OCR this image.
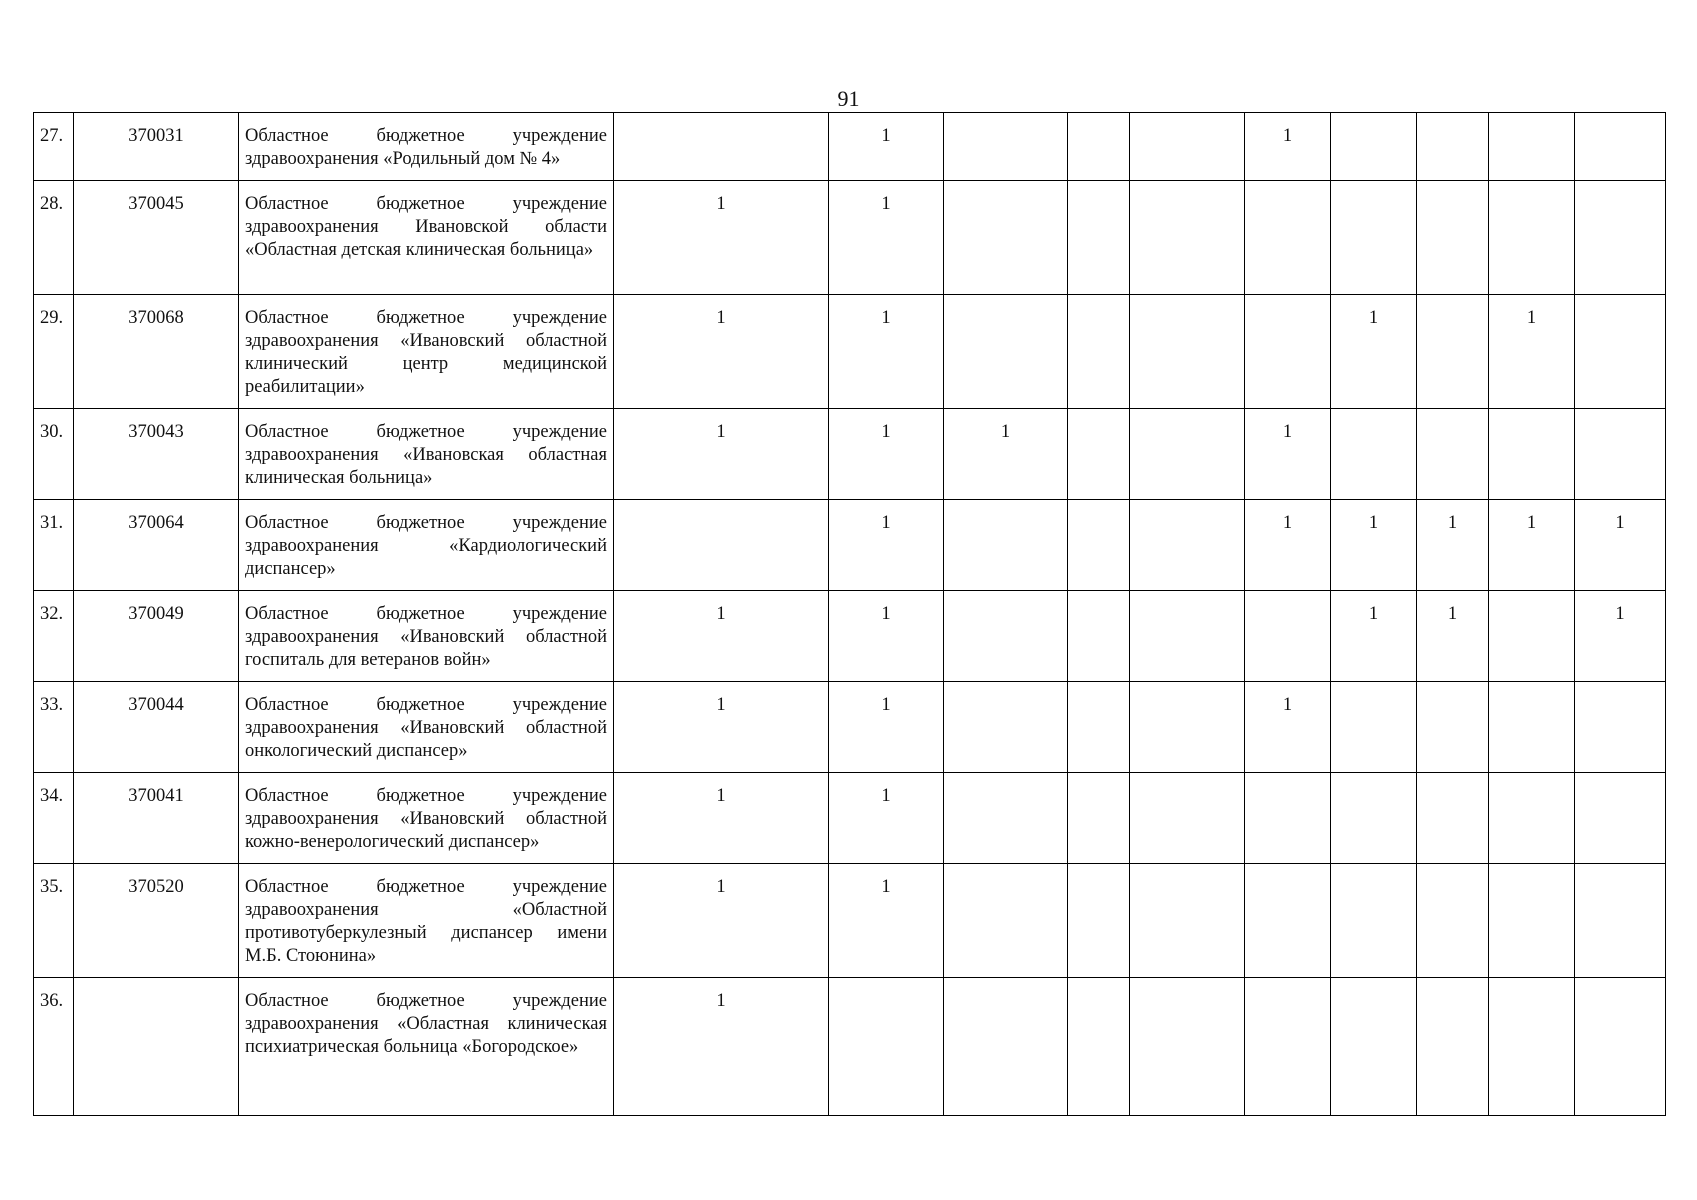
91
27.	370031	Областное бюджетное учреждение здравоохранения «Родильный дом № 4»		1				1				
28.	370045	Областное бюджетное учреждение здравоохранения Ивановской области «Областная детская клиническая больница»	1	1								
29.	370068	Областное бюджетное учреждение здравоохранения «Ивановский областной клинический центр медицинской реабилитации»	1	1					1		1	
30.	370043	Областное бюджетное учреждение здравоохранения «Ивановская областная клиническая больница»	1	1	1			1				
31.	370064	Областное бюджетное учреждение здравоохранения «Кардиологический диспансер»		1				1	1	1	1	1
32.	370049	Областное бюджетное учреждение здравоохранения «Ивановский областной госпиталь для ветеранов войн»	1	1					1	1		1
33.	370044	Областное бюджетное учреждение здравоохранения «Ивановский областной онкологический диспансер»	1	1				1				
34.	370041	Областное бюджетное учреждение здравоохранения «Ивановский областной кожно-венерологический диспансер»	1	1								
35.	370520	Областное бюджетное учреждение здравоохранения «Областной противотуберкулезный диспансер имени М.Б. Стоюнина»	1	1								
36.		Областное бюджетное учреждение здравоохранения «Областная клиническая психиатрическая больница «Богородское»	1									
